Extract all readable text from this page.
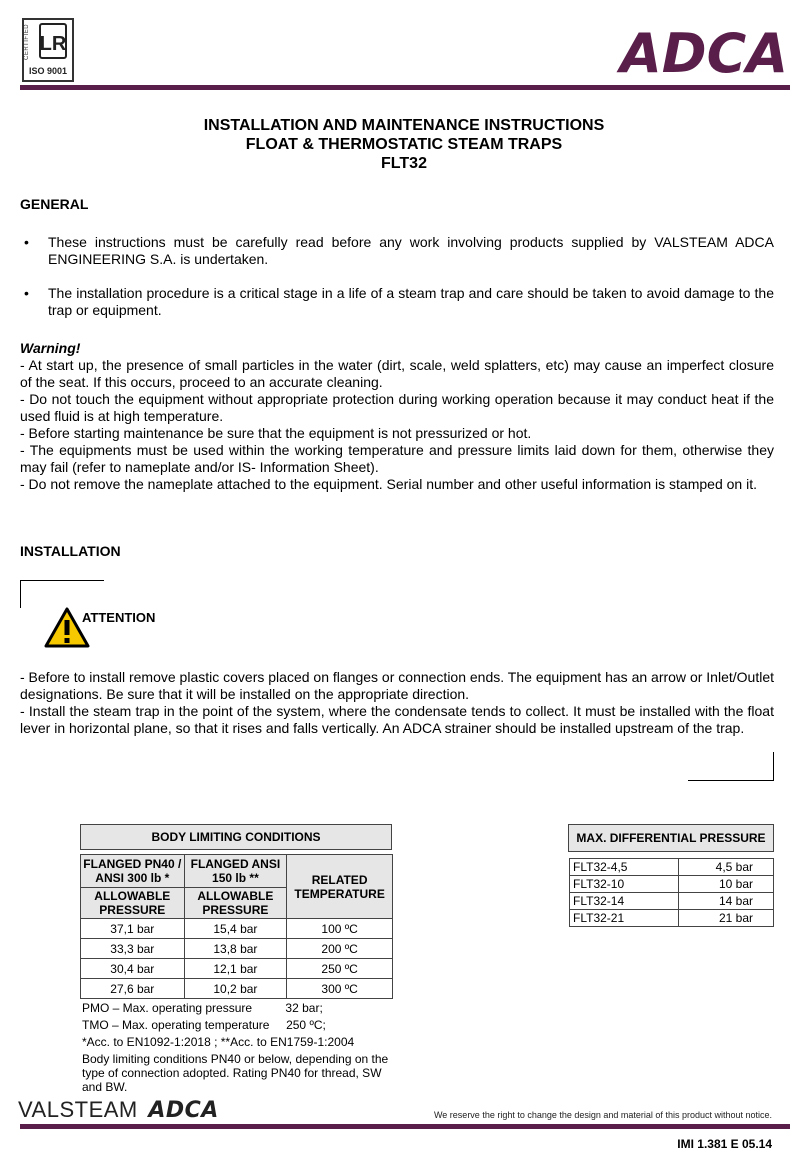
CERTIFIED LR
ISO 9001	ADCA
INSTALLATION AND MAINTENANCE INSTRUCTIONS
FLOAT & THERMOSTATIC STEAM TRAPS
FLT32
GENERAL
•	These instructions must be carefully read before any work involving products supplied by VALSTEAM ADCA ENGINEERING S.A. is undertaken.
•	The installation procedure is a critical stage in a life of a steam trap and care should be taken to avoid damage to the trap or equipment.
Warning!
- At start up, the presence of small particles in the water (dirt, scale, weld splatters, etc) may cause an imperfect closure of the seat. If this occurs, proceed to an accurate cleaning.
- Do not touch the equipment without appropriate protection during working operation because it may conduct heat if the used fluid is at high temperature.
- Before starting maintenance be sure that the equipment is not pressurized or hot.
- The equipments must be used within the working temperature and pressure limits laid down for them, otherwise they may fail (refer to nameplate and/or IS- Information Sheet).
- Do not remove the nameplate attached to the equipment. Serial number and other useful information is stamped on it.
INSTALLATION
ATTENTION
- Before to install remove plastic covers placed on flanges or connection ends. The equipment has an arrow or Inlet/Outlet designations. Be sure that it will be installed on the appropriate direction.
- Install the steam trap in the point of the system, where the condensate tends to collect. It must be installed with the float lever in horizontal plane, so that it rises and falls vertically. An ADCA strainer should be installed upstream of the trap.
BODY LIMITING CONDITIONS
FLANGED PN40 / ANSI 300 lb *	FLANGED ANSI 150 lb **	RELATED TEMPERATURE
ALLOWABLE PRESSURE	ALLOWABLE PRESSURE	
37,1 bar	15,4 bar	100 ºC
33,3 bar	13,8 bar	200 ºC
30,4 bar	12,1 bar	250 ºC
27,6 bar	10,2 bar	300 ºC
PMO – Max. operating pressure          32 bar;
TMO – Max. operating temperature     250 ºC;
*Acc. to EN1092-1:2018 ; **Acc. to EN1759-1:2004
Body limiting conditions PN40 or below, depending on the type of connection adopted. Rating PN40 for thread, SW and BW.
MAX. DIFFERENTIAL PRESSURE
FLT32-4,5	4,5 bar
FLT32-10	10 bar
FLT32-14	14 bar
FLT32-21	21 bar
VALSTEAM ADCA	We reserve the right to change the design and material of this product without notice.
IMI 1.381 E 05.14
